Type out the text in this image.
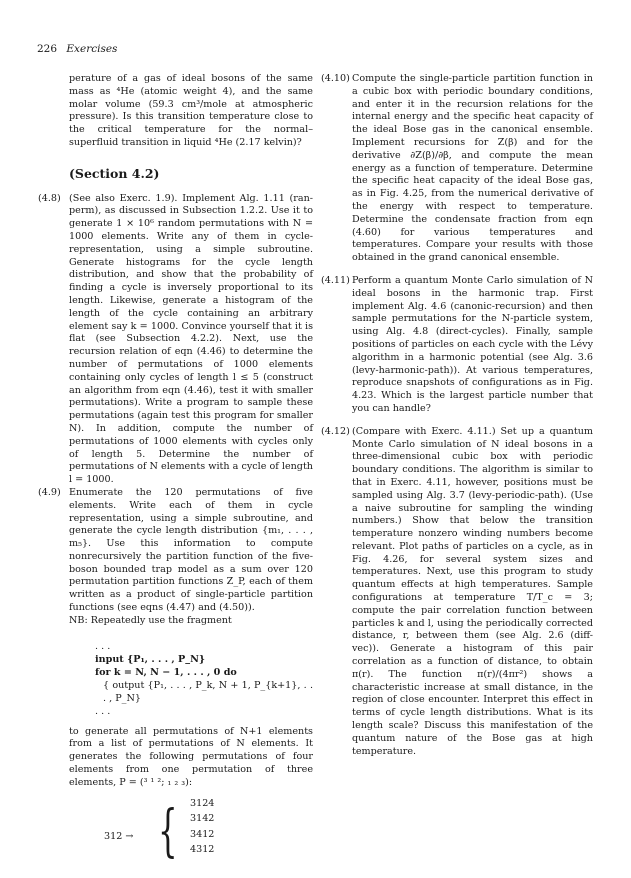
226 Exercises

perature of a gas of ideal bosons of the same mass as ⁴He (atomic weight 4), and the same molar volume (59.3 cm³/mole at atmospheric pressure). Is this transition temperature close to the critical temperature for the normal–superfluid transition in liquid ⁴He (2.17 kelvin)?

(Section 4.2)
(4.8) (See also Exerc. 1.9). Implement Alg. 1.11 (ran-perm), as discussed in Subsection 1.2.2. Use it to generate 1 × 10⁶ random permutations with N = 1000 elements. Write any of them in cycle-representation, using a simple subroutine. Generate histograms for the cycle length distribution, and show that the probability of finding a cycle is inversely proportional to its length. Likewise, generate a histogram of the length of the cycle containing an arbitrary element say k = 1000. Convince yourself that it is flat (see Subsection 4.2.2). Next, use the recursion relation of eqn (4.46) to determine the number of permutations of 1000 elements containing only cycles of length l ≤ 5 (construct an algorithm from eqn (4.46), test it with smaller permutations). Write a program to sample these permutations (again test this program for smaller N). In addition, compute the number of permutations of 1000 elements with cycles only of length 5. Determine the number of permutations of N elements with a cycle of length l = 1000.

(4.9) Enumerate the 120 permutations of five elements. Write each of them in cycle representation, using a simple subroutine, and generate the cycle length distribution {m₁, . . . , m₅}. Use this information to compute nonrecursively the partition function of the five-boson bounded trap model as a sum over 120 permutation partition functions Z_P, each of them written as a product of single-particle partition functions (see eqns (4.47) and (4.50)).

NB: Repeatedly use the fragment

. . .
input {P₁, . . . , P_N}
for k = N, N − 1, . . . , 0 do
{ output {P₁, . . . , P_k, N + 1, P_{k+1}, . . . , P_N}
. . .

to generate all permutations of N+1 elements from a list of permutations of N elements. It generates the following permutations of four elements from one permutation of three elements, P = (³ ¹ ²; ₁ ₂ ₃):

312 → { 3124
3142
3412
4312
(4.10) Compute the single-particle partition function in a cubic box with periodic boundary conditions, and enter it in the recursion relations for the internal energy and the specific heat capacity of the ideal Bose gas in the canonical ensemble. Implement recursions for Z(β) and for the derivative ∂Z(β)/∂β, and compute the mean energy as a function of temperature. Determine the specific heat capacity of the ideal Bose gas, as in Fig. 4.25, from the numerical derivative of the energy with respect to temperature. Determine the condensate fraction from eqn (4.60) for various temperatures and temperatures. Compare your results with those obtained in the grand canonical ensemble.

(4.11) Perform a quantum Monte Carlo simulation of N ideal bosons in the harmonic trap. First implement Alg. 4.6 (canonic-recursion) and then sample permutations for the N-particle system, using Alg. 4.8 (direct-cycles). Finally, sample positions of particles on each cycle with the Lévy algorithm in a harmonic potential (see Alg. 3.6 (levy-harmonic-path)). At various temperatures, reproduce snapshots of configurations as in Fig. 4.23. Which is the largest particle number that you can handle?

(4.12) (Compare with Exerc. 4.11.) Set up a quantum Monte Carlo simulation of N ideal bosons in a three-dimensional cubic box with periodic boundary conditions. The algorithm is similar to that in Exerc. 4.11, however, positions must be sampled using Alg. 3.7 (levy-periodic-path). (Use a naive subroutine for sampling the winding numbers.) Show that below the transition temperature nonzero winding numbers become relevant. Plot paths of particles on a cycle, as in Fig. 4.26, for several system sizes and temperatures. Next, use this program to study quantum effects at high temperatures. Sample configurations at temperature T/T_c = 3; compute the pair correlation function between particles k and l, using the periodically corrected distance, r, between them (see Alg. 2.6 (diff-vec)). Generate a histogram of this pair correlation as a function of distance, to obtain π(r). The function π(r)/(4πr²) shows a characteristic increase at small distance, in the region of close encounter. Interpret this effect in terms of cycle length distributions. What is its length scale? Discuss this manifestation of the quantum nature of the Bose gas at high temperature.
